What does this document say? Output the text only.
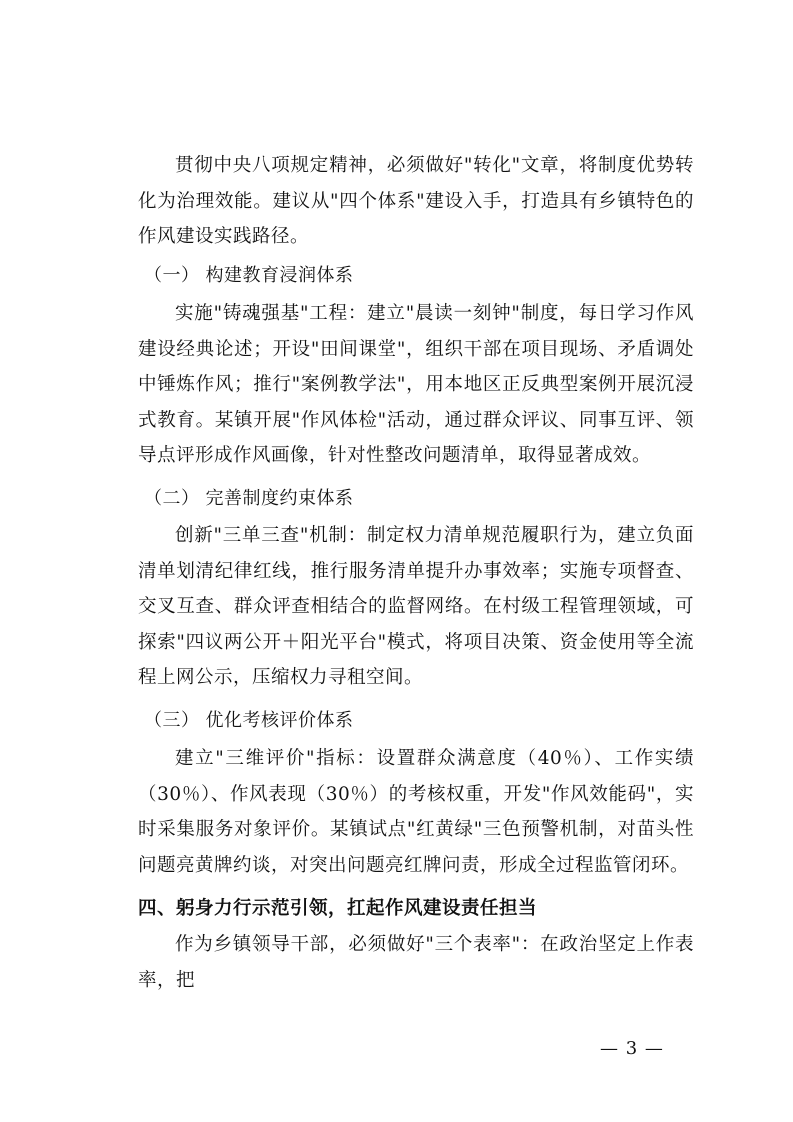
贯彻中央八项规定精神，必须做好"转化"文章，将制度优势转化为治理效能。建议从"四个体系"建设入手，打造具有乡镇特色的作风建设实践路径。

（一） 构建教育浸润体系

实施"铸魂强基"工程：建立"晨读一刻钟"制度，每日学习作风建设经典论述；开设"田间课堂"，组织干部在项目现场、矛盾调处中锤炼作风；推行"案例教学法"，用本地区正反典型案例开展沉浸式教育。某镇开展"作风体检"活动，通过群众评议、同事互评、领导点评形成作风画像，针对性整改问题清单，取得显著成效。

（二） 完善制度约束体系

创新"三单三查"机制：制定权力清单规范履职行为，建立负面清单划清纪律红线，推行服务清单提升办事效率；实施专项督查、交叉互查、群众评查相结合的监督网络。在村级工程管理领域，可探索"四议两公开＋阳光平台"模式，将项目决策、资金使用等全流程上网公示，压缩权力寻租空间。

（三） 优化考核评价体系

建立"三维评价"指标：设置群众满意度（40％）、工作实绩（30％）、作风表现（30％）的考核权重，开发"作风效能码"，实时采集服务对象评价。某镇试点"红黄绿"三色预警机制，对苗头性问题亮黄牌约谈，对突出问题亮红牌问责，形成全过程监管闭环。

四、躬身力行示范引领，扛起作风建设责任担当

作为乡镇领导干部，必须做好"三个表率"：在政治坚定上作表率，把

— 3 —
